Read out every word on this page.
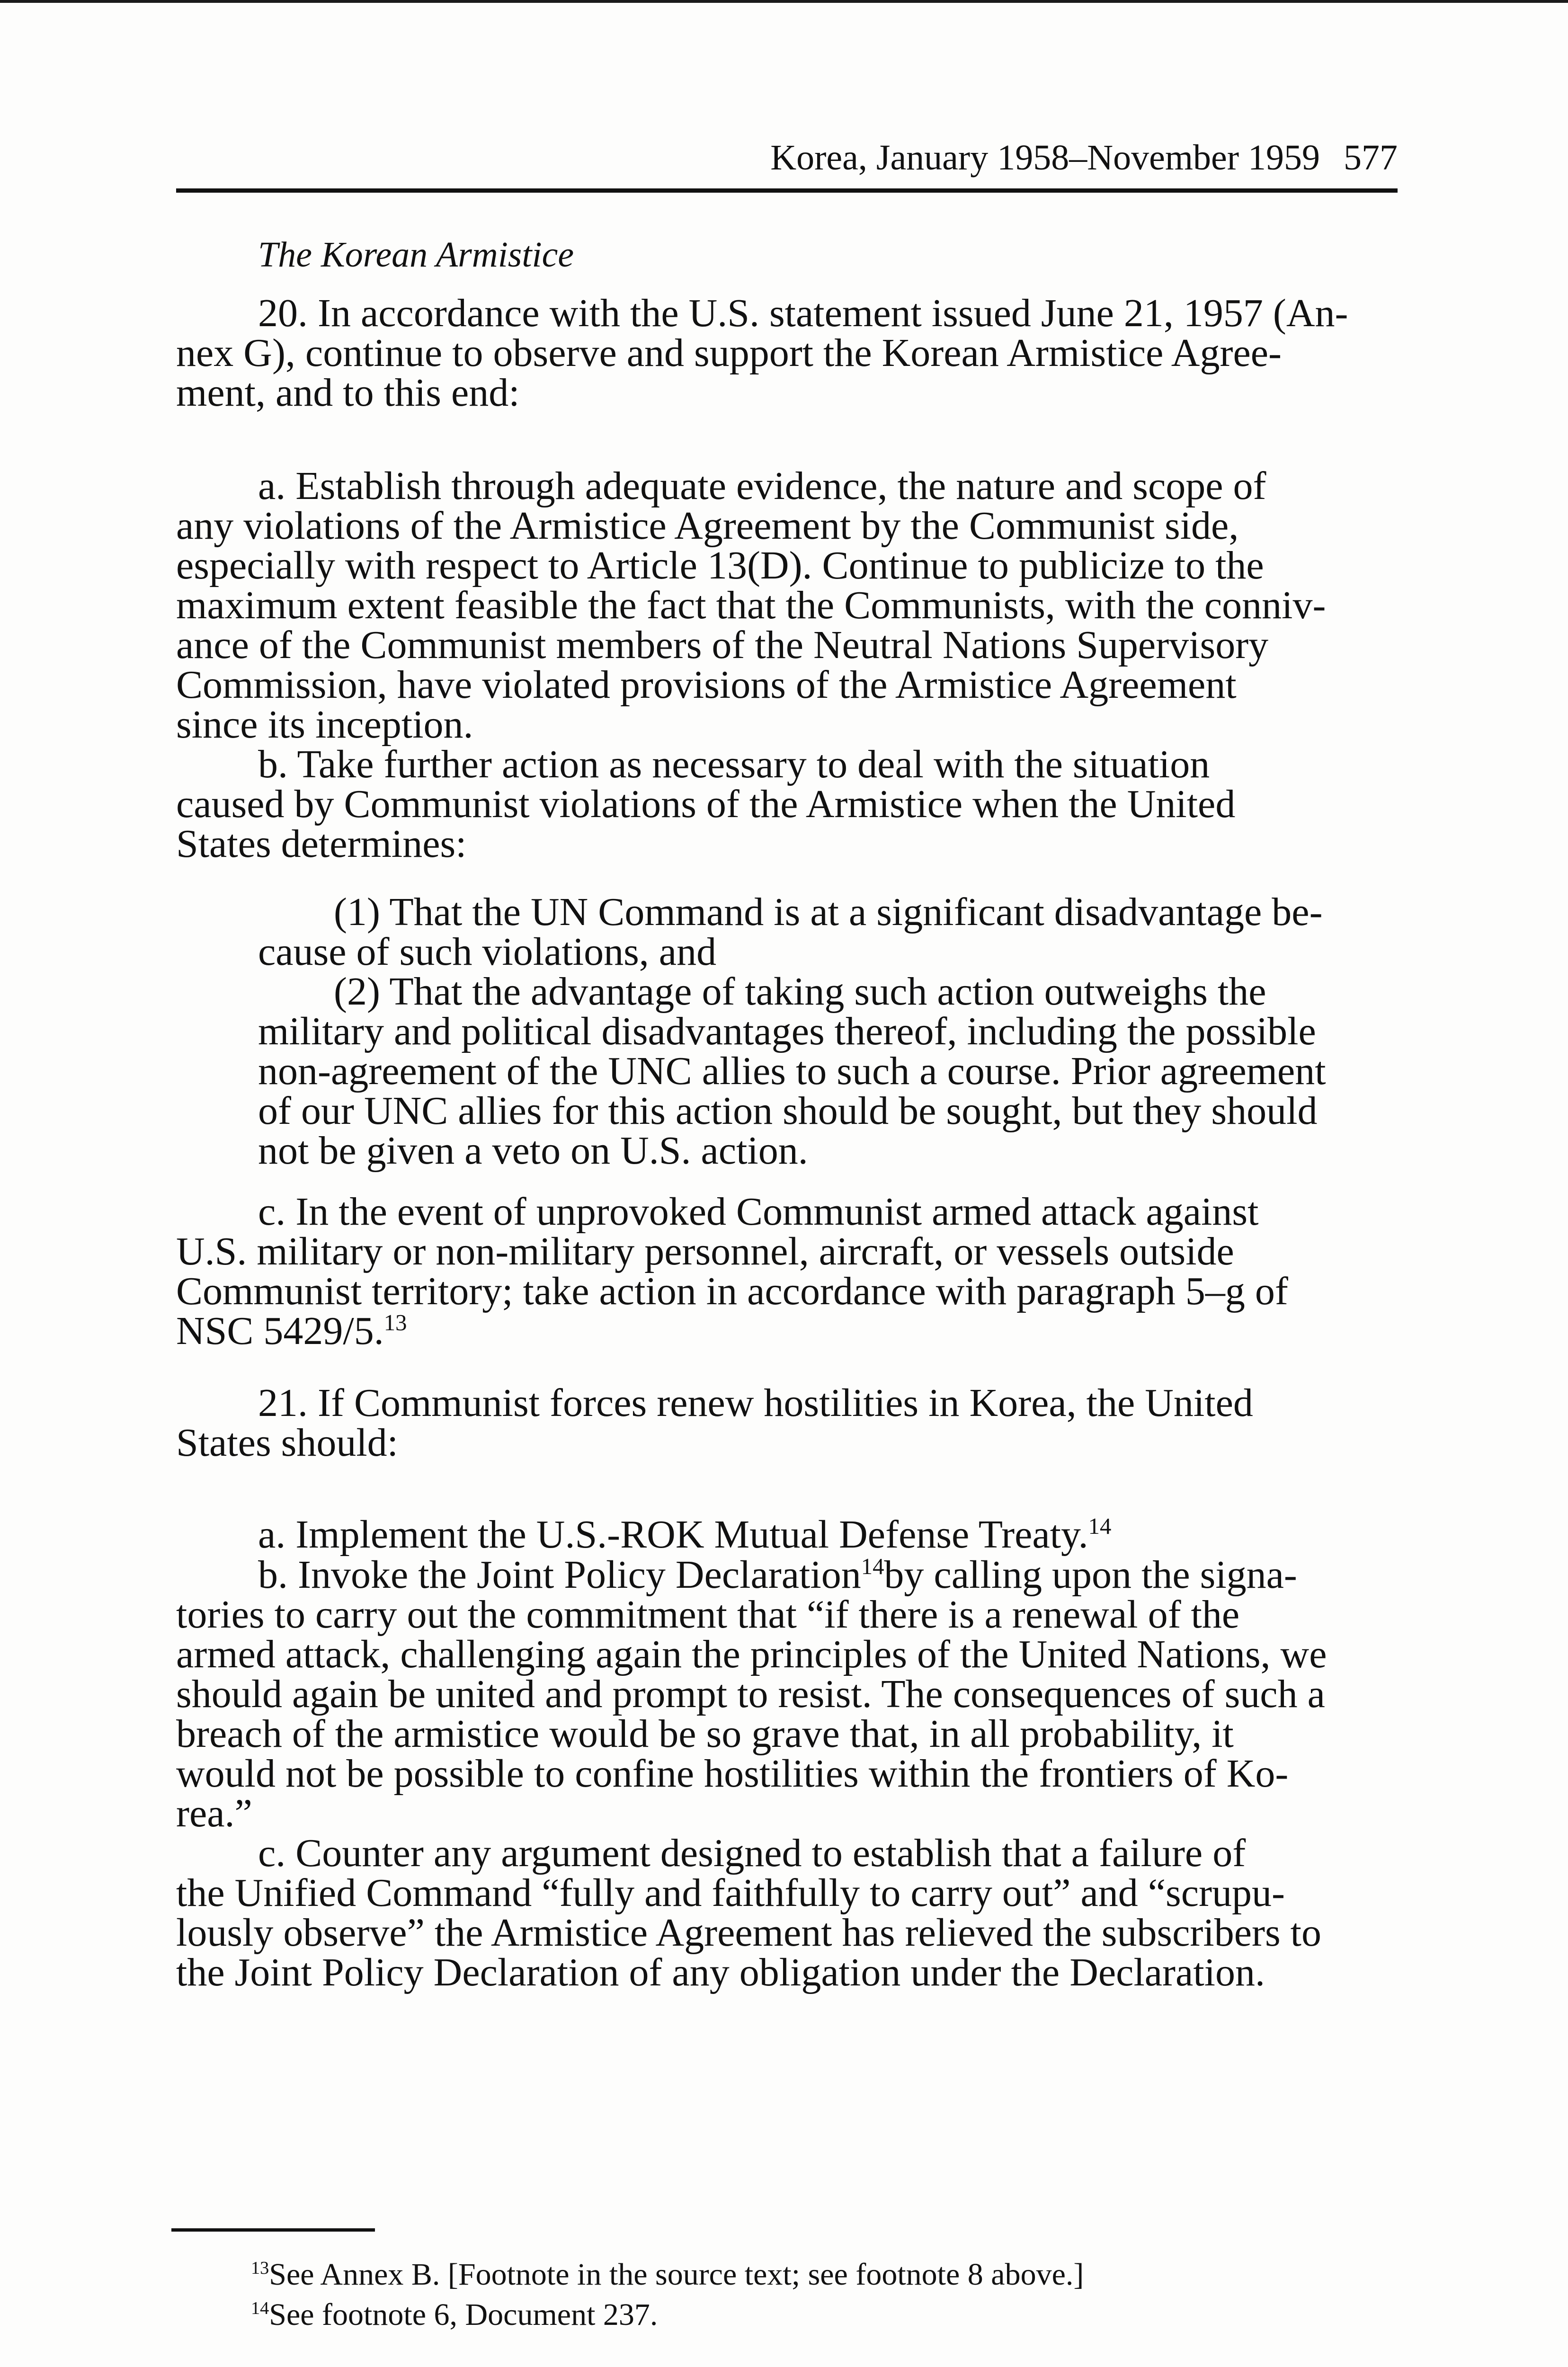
Korea, January 1958–November 1959 577
The Korean Armistice
20. In accordance with the U.S. statement issued June 21, 1957 (An-
nex G), continue to observe and support the Korean Armistice Agree-
ment, and to this end:
a. Establish through adequate evidence, the nature and scope of
any violations of the Armistice Agreement by the Communist side,
especially with respect to Article 13(D). Continue to publicize to the
maximum extent feasible the fact that the Communists, with the conniv-
ance of the Communist members of the Neutral Nations Supervisory
Commission, have violated provisions of the Armistice Agreement
since its inception.
b. Take further action as necessary to deal with the situation
caused by Communist violations of the Armistice when the United
States determines:
(1) That the UN Command is at a significant disadvantage be-
cause of such violations, and
(2) That the advantage of taking such action outweighs the
military and political disadvantages thereof, including the possible
non-agreement of the UNC allies to such a course. Prior agreement
of our UNC allies for this action should be sought, but they should
not be given a veto on U.S. action.
c. In the event of unprovoked Communist armed attack against
U.S. military or non-military personnel, aircraft, or vessels outside
Communist territory; take action in accordance with paragraph 5–g of
NSC 5429/5.13
21. If Communist forces renew hostilities in Korea, the United
States should:
a. Implement the U.S.-ROK Mutual Defense Treaty.$^{14}$
b. Invoke the Joint Policy Declaration$^{14}$by calling upon the signa-
tories to carry out the commitment that “if there is a renewal of the
armed attack, challenging again the principles of the United Nations, we
should again be united and prompt to resist. The consequences of such a
breach of the armistice would be so grave that, in all probability, it
would not be possible to confine hostilities within the frontiers of Ko-
rea.”
c. Counter any argument designed to establish that a failure of
the Unified Command “fully and faithfully to carry out” and “scrupu-
lously observe” the Armistice Agreement has relieved the subscribers to
the Joint Policy Declaration of any obligation under the Declaration.
$^{13}$See Annex B. [Footnote in the source text; see footnote 8 above.]
$^{14}$See footnote 6, Document 237.
